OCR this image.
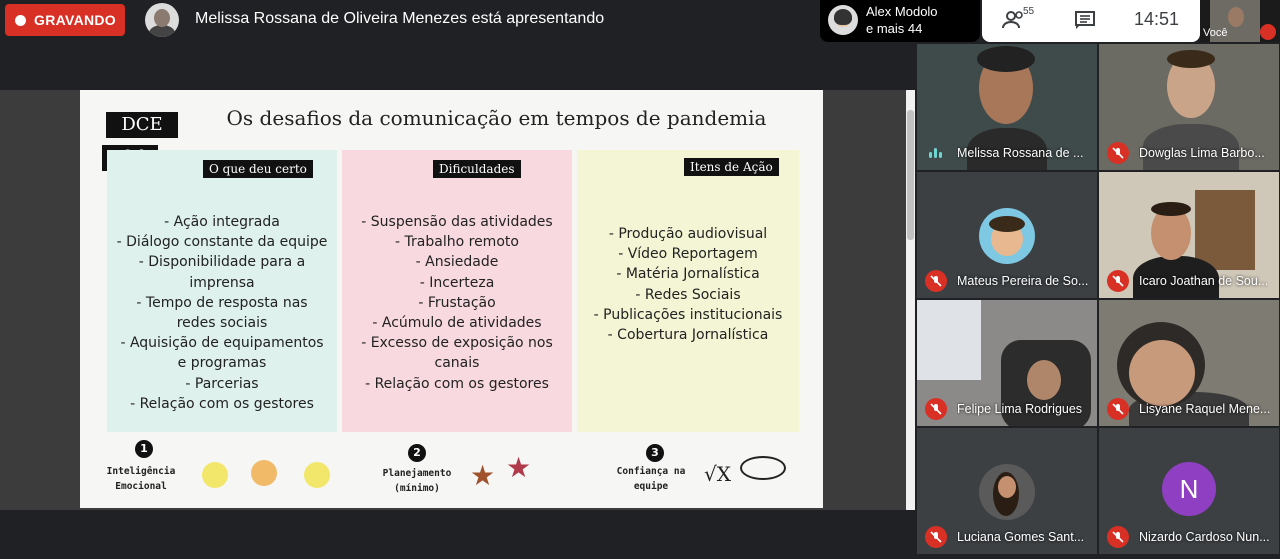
GRAVANDO	Melissa Rossana de Oliveira Menezes está apresentando	Alex Modolo
e mais 44
55	14:51
Você
Os desafios da comunicação em tempos de pandemia
DCE
O que deu certo
- Ação integrada
- Diálogo constante da equipe
- Disponibilidade para a
imprensa
- Tempo de resposta nas
redes sociais
- Aquisição de equipamentos
e programas
- Parcerias
- Relação com os gestores
Dificuldades
- Suspensão das atividades
- Trabalho remoto
- Ansiedade
- Incerteza
- Frustação
- Acúmulo de atividades
- Excesso de exposição nos
canais
- Relação com os gestores
Itens de Ação
- Produção audiovisual
- Vídeo Reportagem
- Matéria Jornalística
- Redes Sociais
- Publicações institucionais
- Cobertura Jornalística
1
Inteligência
Emocional
2
Planejamento
(mínimo)	★ ★	3
Confiança na
equipe
√X
Melissa Rossana de ...	Dowglas Lima Barbo...
Mateus Pereira de So...	Icaro Joathan de Sou...
Felipe Lima Rodrigues	Lisyane Raquel Mene...
Luciana Gomes Sant...
N
Nizardo Cardoso Nun...
